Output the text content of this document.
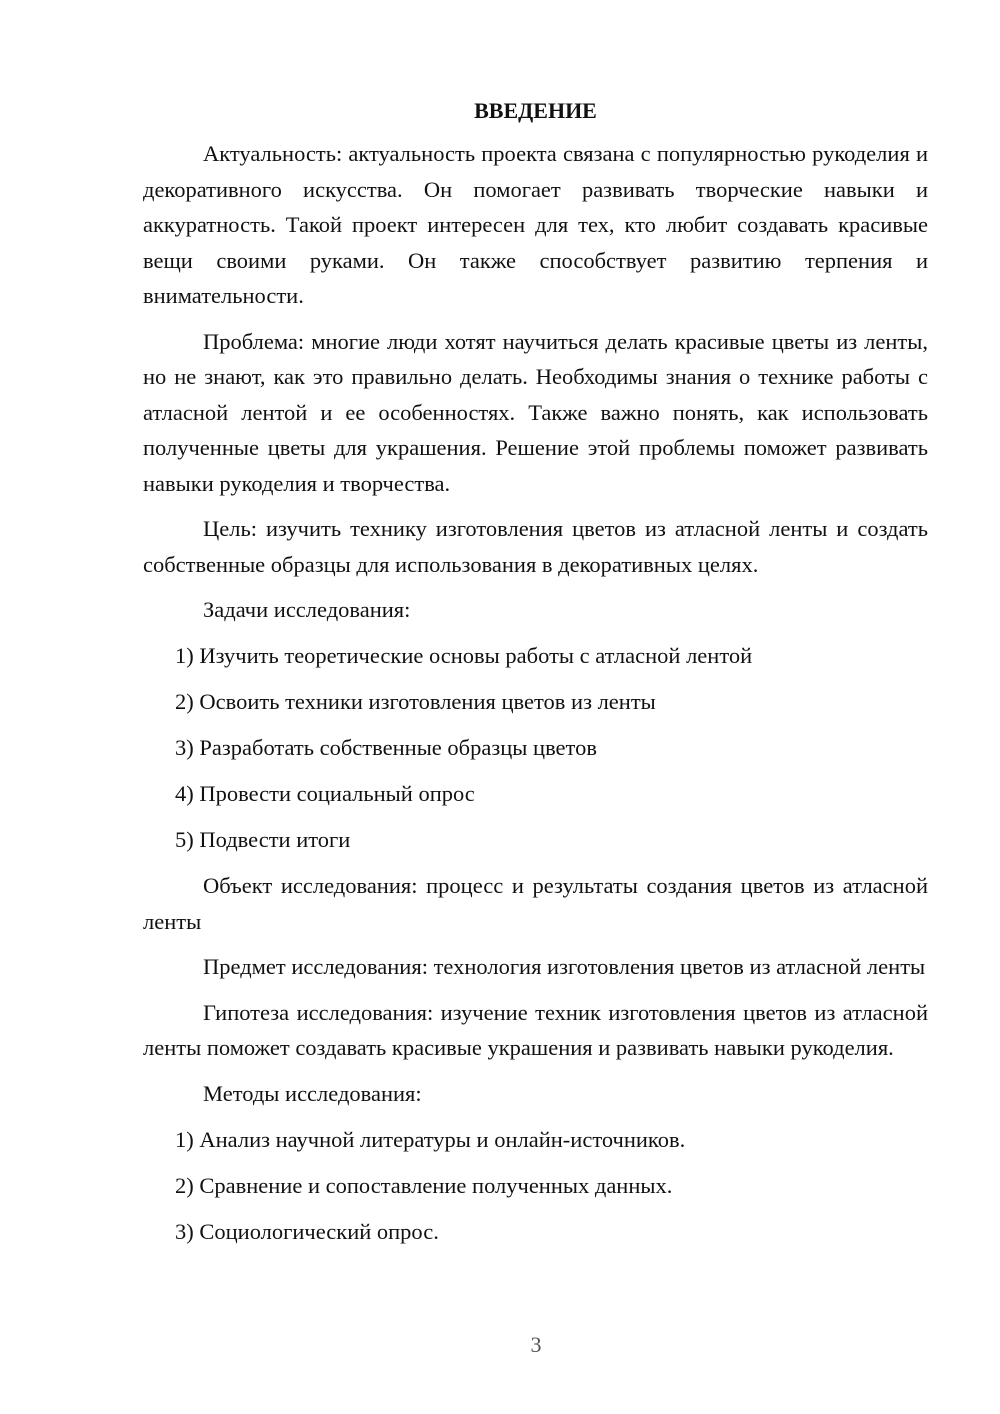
ВВЕДЕНИЕ

Актуальность: актуальность проекта связана с популярностью рукоделия и декоративного искусства. Он помогает развивать творческие навыки и аккуратность. Такой проект интересен для тех, кто любит создавать красивые вещи своими руками. Он также способствует развитию терпения и внимательности.

Проблема: многие люди хотят научиться делать красивые цветы из ленты, но не знают, как это правильно делать. Необходимы знания о технике работы с атласной лентой и ее особенностях. Также важно понять, как использовать полученные цветы для украшения. Решение этой проблемы поможет развивать навыки рукоделия и творчества.

Цель: изучить технику изготовления цветов из атласной ленты и создать собственные образцы для использования в декоративных целях.

Задачи исследования:

1) Изучить теоретические основы работы с атласной лентой
2) Освоить техники изготовления цветов из ленты
3) Разработать собственные образцы цветов
4) Провести социальный опрос
5) Подвести итоги

Объект исследования: процесс и результаты создания цветов из атласной ленты

Предмет исследования: технология изготовления цветов из атласной ленты

Гипотеза исследования: изучение техник изготовления цветов из атласной ленты поможет создавать красивые украшения и развивать навыки рукоделия.

Методы исследования:

1) Анализ научной литературы и онлайн-источников.
2) Сравнение и сопоставление полученных данных.
3) Социологический опрос.
3
